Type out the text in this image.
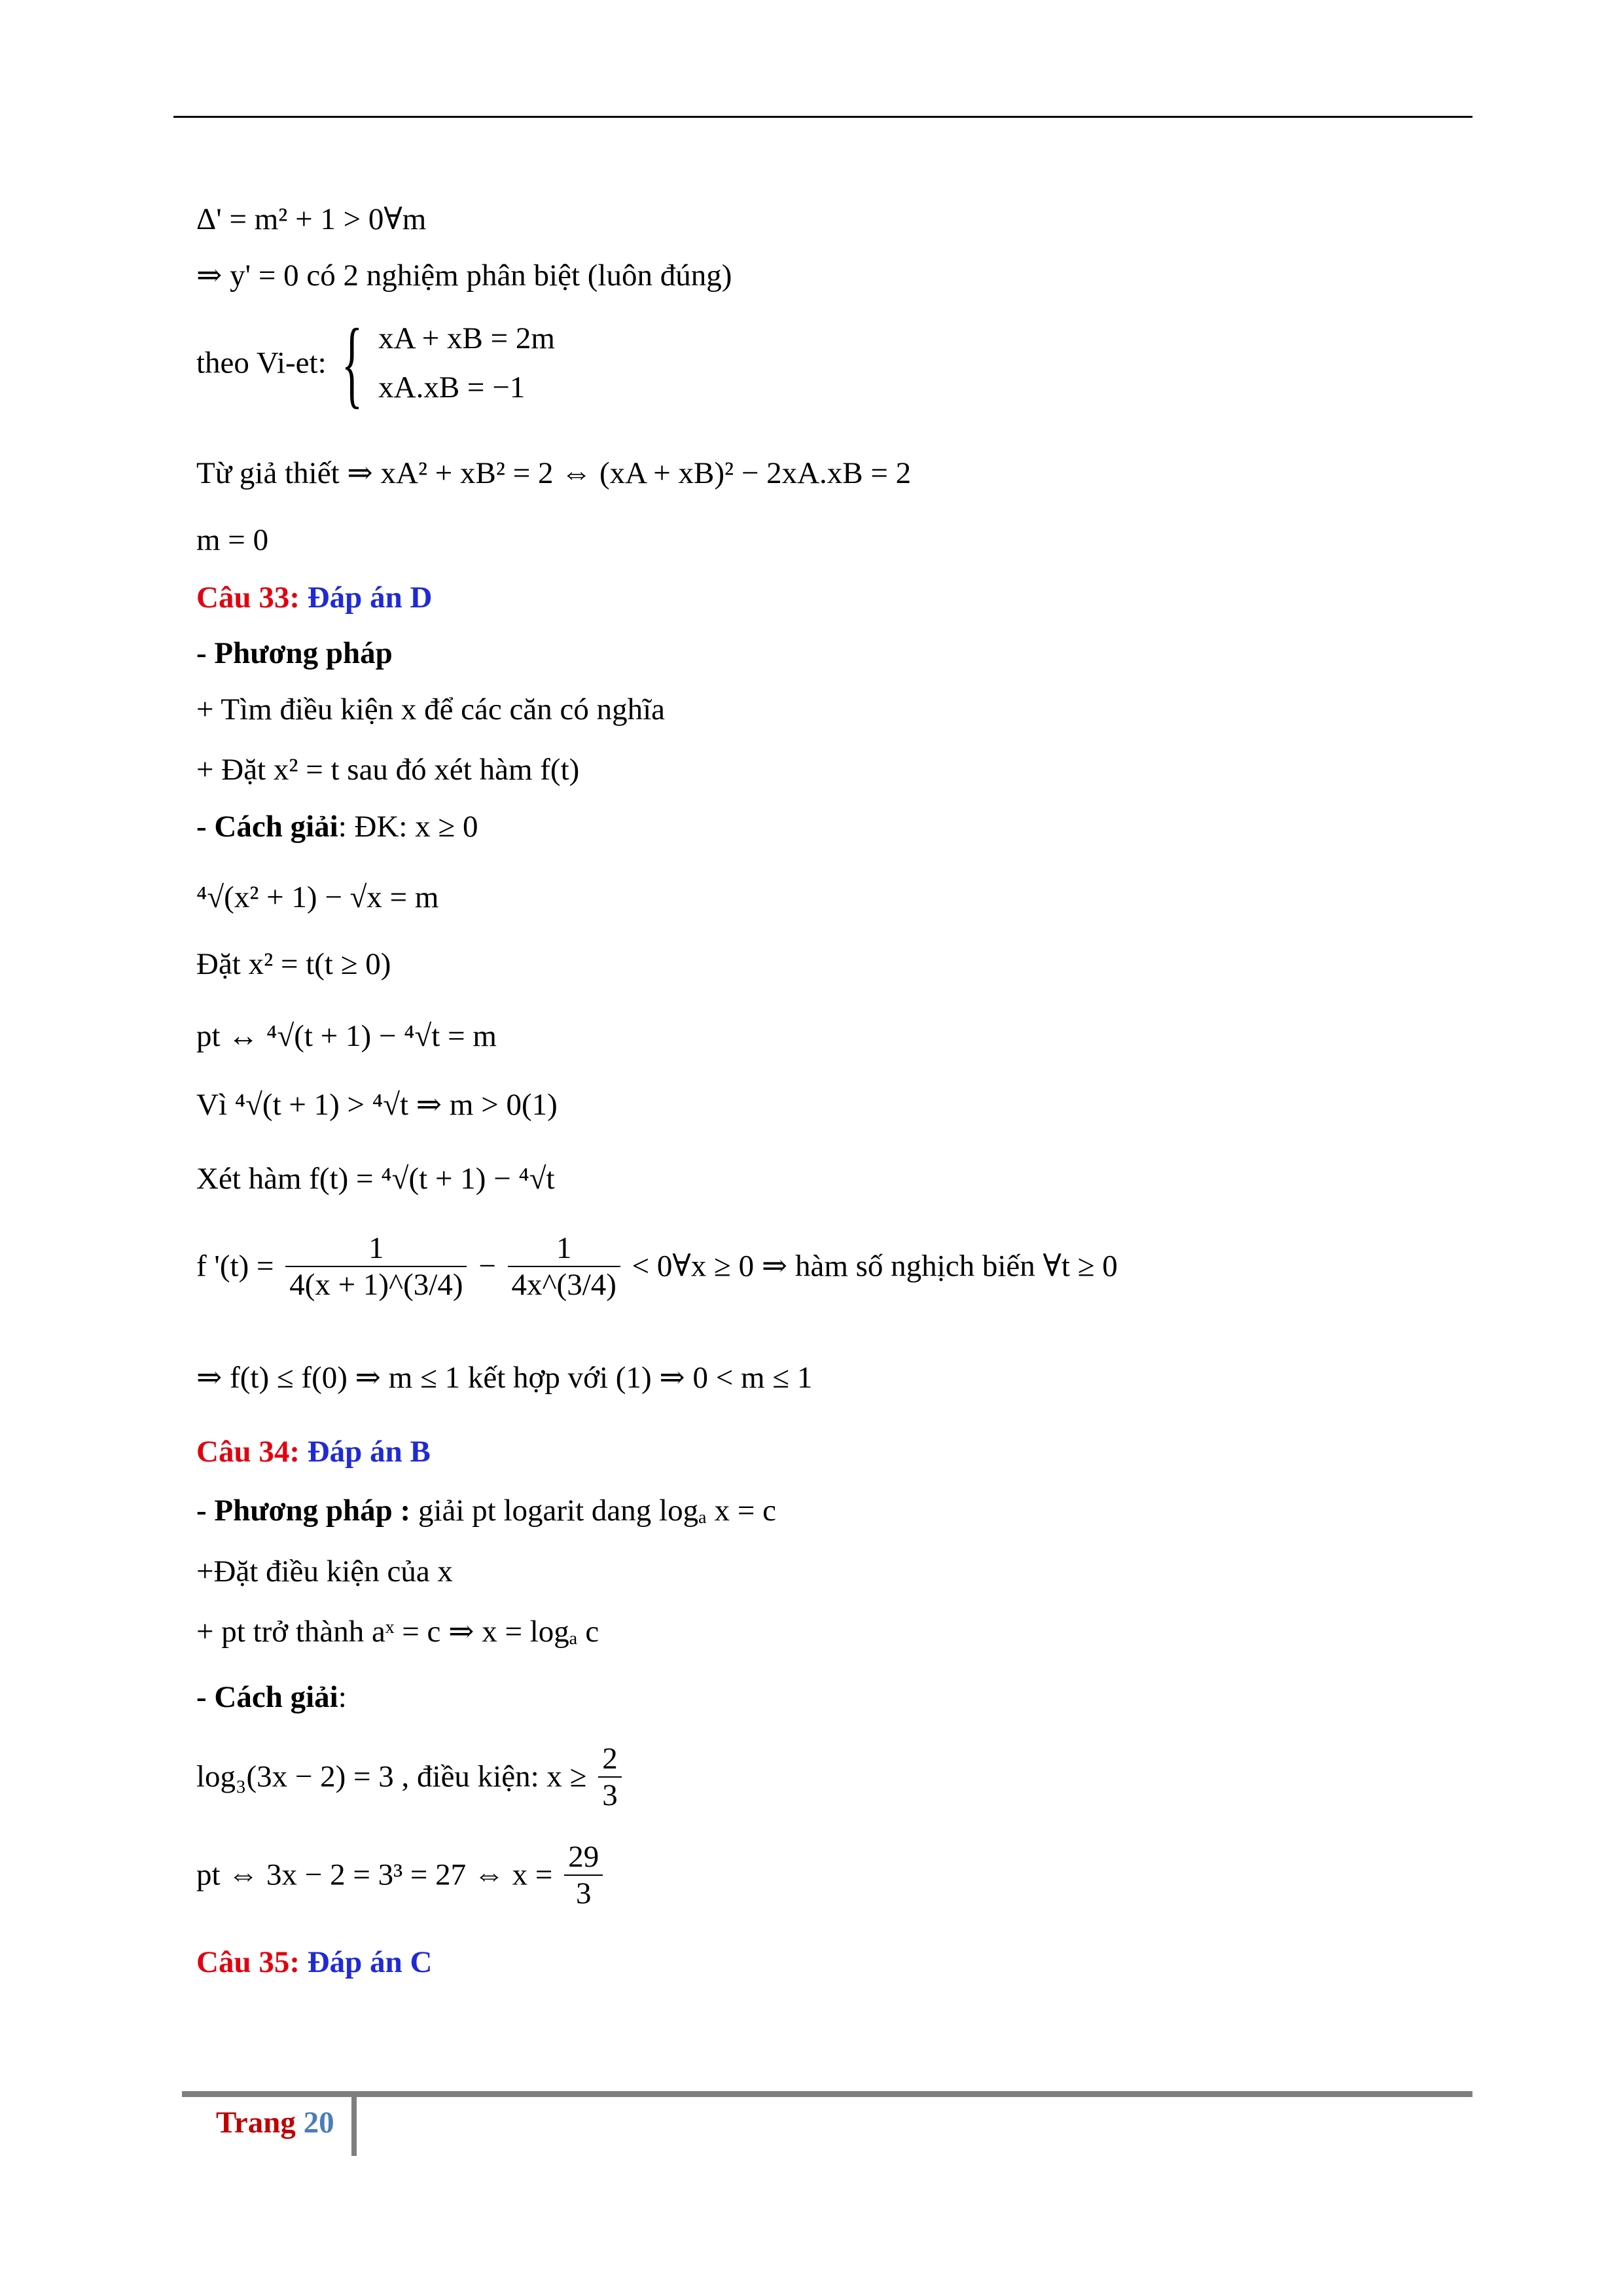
Δ' = m² + 1 > 0∀m
⇒ y' = 0 có 2 nghiệm phân biệt (luôn đúng)
theo Vi-et: { xA + xB = 2m
xA.xB = −1
Từ giả thiết ⇒ xA² + xB² = 2 ⇔ (xA + xB)² − 2xA.xB = 2
m = 0
Câu 33: Đáp án D
- Phương pháp
+ Tìm điều kiện x để các căn có nghĩa
+ Đặt x² = t sau đó xét hàm f(t)
- Cách giải: ĐK: x ≥ 0
⁴√(x² + 1) − √x = m
Đặt x² = t(t ≥ 0)
pt ↔ ⁴√(t + 1) − ⁴√t = m
Vì ⁴√(t + 1) > ⁴√t ⇒ m > 0(1)
Xét hàm f(t) = ⁴√(t + 1) − ⁴√t
f '$(t) = \frac{1}{4(x + 1)\^{}(3/4)} - \frac{1}{4x\^{}(3/4)}$ < 0∀x ≥ 0 ⇒ hàm số nghịch biến ∀t ≥ 0
⇒ f(t) ≤ f(0) ⇒ m ≤ 1 kết hợp với (1) ⇒ 0 < m ≤ 1
Câu 34: Đáp án B
- Phương pháp : giải pt logarit dang logₐ x = c
+Đặt điều kiện của x
+ pt trở thành aˣ = c ⇒ x = logₐ c
- Cách giải:
log₃(3x − 2) = 3 , điều kiện: $x \ge \frac{2}{3}$
pt ⇔ 3x − 2 = 3³ = 27 ⇔ $x = \frac{29}{3}$
Câu 35: Đáp án C
Trang 20
